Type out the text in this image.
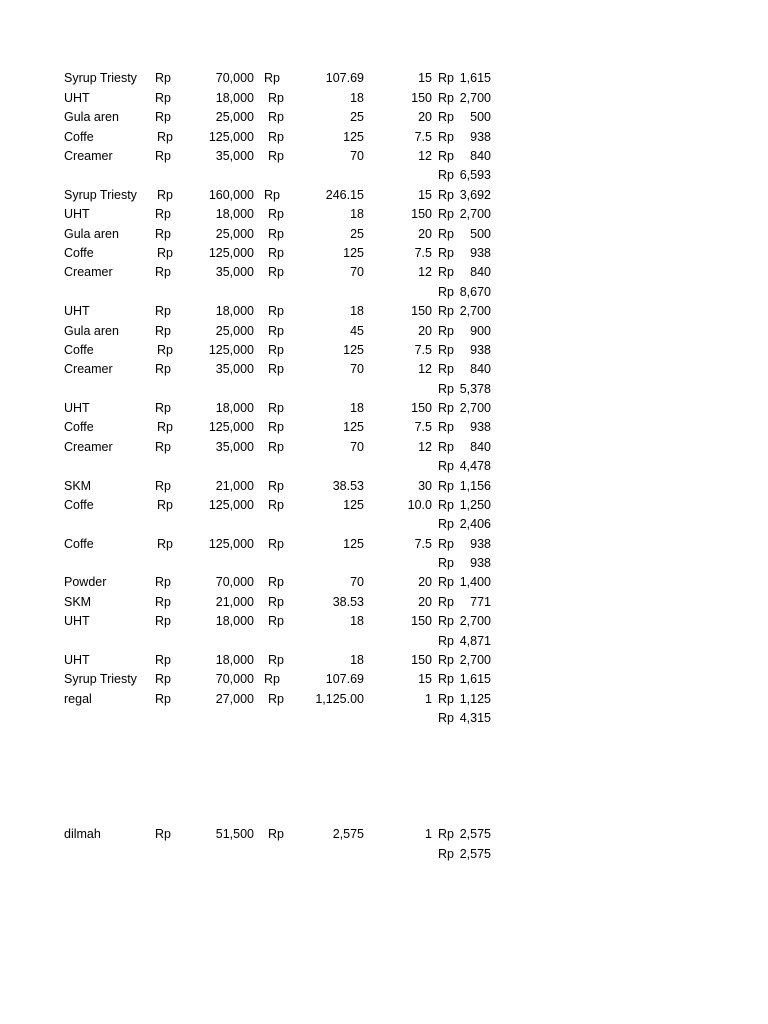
Syrup Triesty Rp	70,000 Rp	107.69	15 Rp 1,615
UHT	Rp	18,000 Rp	18	150 Rp 2,700
Gula aren	Rp	25,000 Rp	25	20 Rp 500
Coffe	Rp	125,000 Rp	125	7.5 Rp 938
Creamer	Rp	35,000 Rp	70	12 Rp 840
Rp 6,593
Syrup Triesty Rp	160,000 Rp	246.15	15 Rp 3,692
UHT	Rp	18,000 Rp	18	150 Rp 2,700
Gula aren	Rp	25,000 Rp	25	20 Rp 500
Coffe	Rp	125,000 Rp	125	7.5 Rp 938
Creamer	Rp	35,000 Rp	70	12 Rp 840
Rp 8,670
UHT	Rp	18,000 Rp	18	150 Rp 2,700
Gula aren	Rp	25,000 Rp	45	20 Rp 900
Coffe	Rp	125,000 Rp	125	7.5 Rp 938
Creamer	Rp	35,000 Rp	70	12 Rp 840
Rp 5,378
UHT	Rp	18,000 Rp	18	150 Rp 2,700
Coffe	Rp	125,000 Rp	125	7.5 Rp 938
Creamer	Rp	35,000 Rp	70	12 Rp 840
Rp 4,478
SKM	Rp	21,000 Rp	38.53	30 Rp 1,156
Coffe	Rp	125,000 Rp	125	10.0 Rp 1,250
Rp 2,406
Coffe	Rp	125,000 Rp	125	7.5 Rp 938
Rp 938
Powder	Rp	70,000 Rp	70	20 Rp 1,400
SKM	Rp	21,000 Rp	38.53	20 Rp 771
UHT	Rp	18,000 Rp	18	150 Rp 2,700
Rp 4,871
UHT	Rp	18,000 Rp	18	150 Rp 2,700
Syrup Triesty Rp	70,000 Rp	107.69	15 Rp 1,615
regal	Rp	27,000 Rp	1,125.00	1 Rp 1,125
Rp 4,315
dilmah	Rp	51,500 Rp	2,575	1 Rp 2,575
Rp 2,575
